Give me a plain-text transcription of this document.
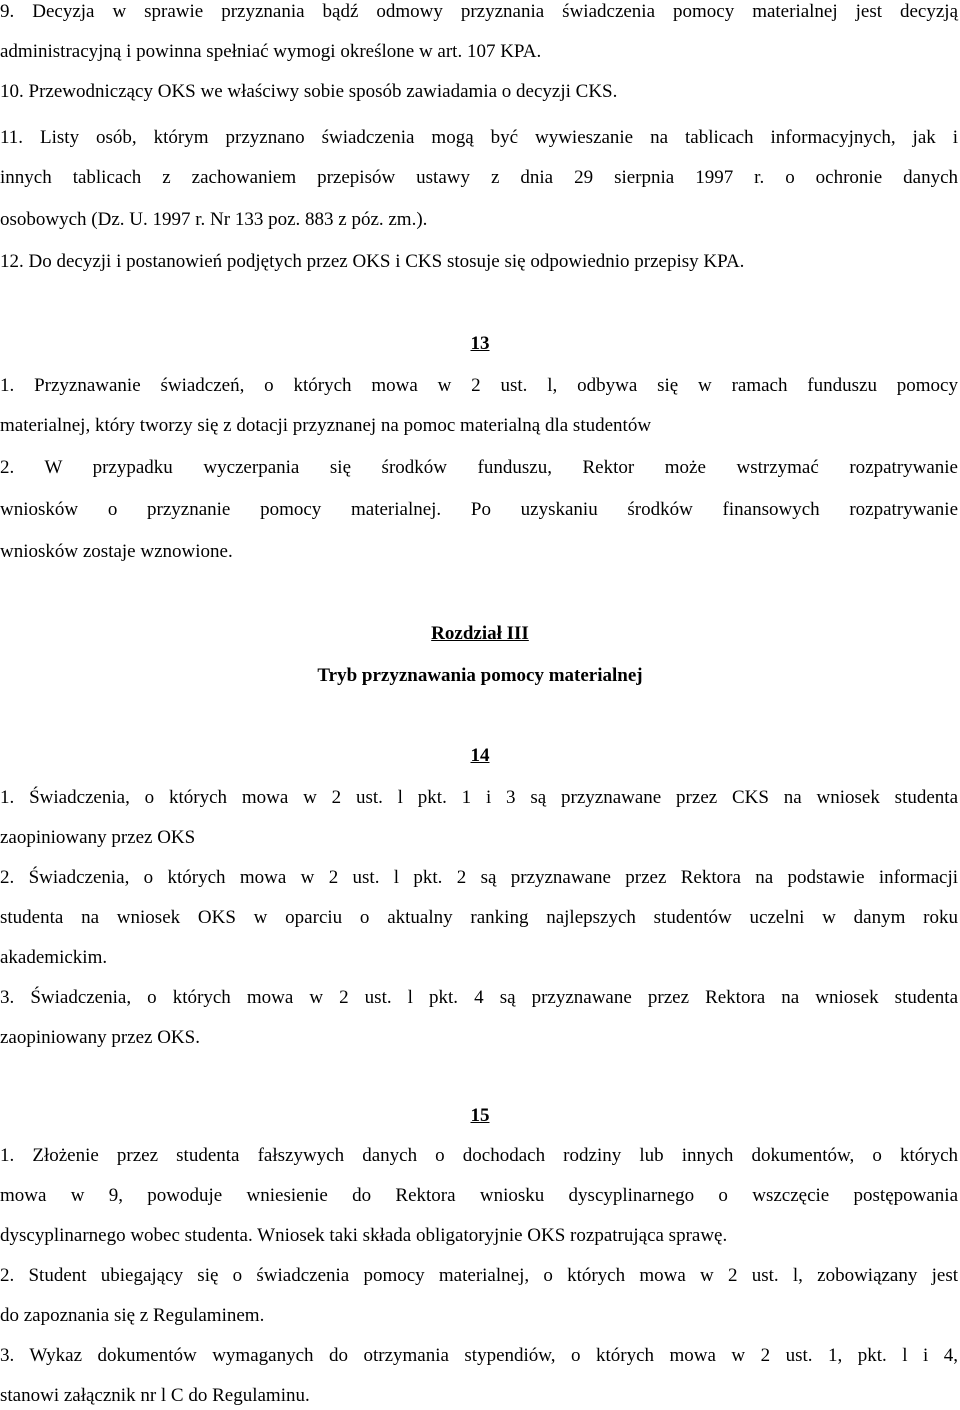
9. Decyzja w sprawie przyznania bądź odmowy przyznania świadczenia pomocy materialnej jest decyzją
administracyjną i powinna spełniać wymogi określone w art. 107 KPA.
10. Przewodniczący OKS we właściwy sobie sposób zawiadamia o decyzji CKS.
11. Listy osób, którym przyznano świadczenia mogą być wywieszanie na tablicach informacyjnych, jak i
innych tablicach z zachowaniem przepisów ustawy z dnia 29 sierpnia 1997 r. o ochronie danych
osobowych (Dz. U. 1997 r. Nr 133 poz. 883 z póz. zm.).
12. Do decyzji i postanowień podjętych przez OKS i CKS stosuje się odpowiednio przepisy KPA.
13
1. Przyznawanie świadczeń, o których mowa w 2 ust. l, odbywa się w ramach funduszu pomocy
materialnej, który tworzy się z dotacji przyznanej na pomoc materialną dla studentów
2. W przypadku wyczerpania się środków funduszu, Rektor może wstrzymać rozpatrywanie
wniosków o przyznanie pomocy materialnej. Po uzyskaniu środków finansowych rozpatrywanie
wniosków zostaje wznowione.
Rozdział III
Tryb przyznawania pomocy materialnej
14
1. Świadczenia, o których mowa w 2 ust. l pkt. 1 i 3 są przyznawane przez CKS na wniosek studenta
zaopiniowany przez OKS
2. Świadczenia, o których mowa w 2 ust. l pkt. 2 są przyznawane przez Rektora na podstawie informacji
studenta na wniosek OKS w oparciu o aktualny ranking najlepszych studentów uczelni w danym roku
akademickim.
3. Świadczenia, o których mowa w 2 ust. l pkt. 4 są przyznawane przez Rektora na wniosek studenta
zaopiniowany przez OKS.
15
1. Złożenie przez studenta fałszywych danych o dochodach rodziny lub innych dokumentów, o których
mowa w 9, powoduje wniesienie do Rektora wniosku dyscyplinarnego o wszczęcie postępowania
dyscyplinarnego wobec studenta. Wniosek taki składa obligatoryjnie OKS rozpatrująca sprawę.
2. Student ubiegający się o świadczenia pomocy materialnej, o których mowa w 2 ust. l, zobowiązany jest
do zapoznania się z Regulaminem.
3. Wykaz dokumentów wymaganych do otrzymania stypendiów, o których mowa w 2 ust. 1, pkt. l i 4,
stanowi załącznik nr l C do Regulaminu.
